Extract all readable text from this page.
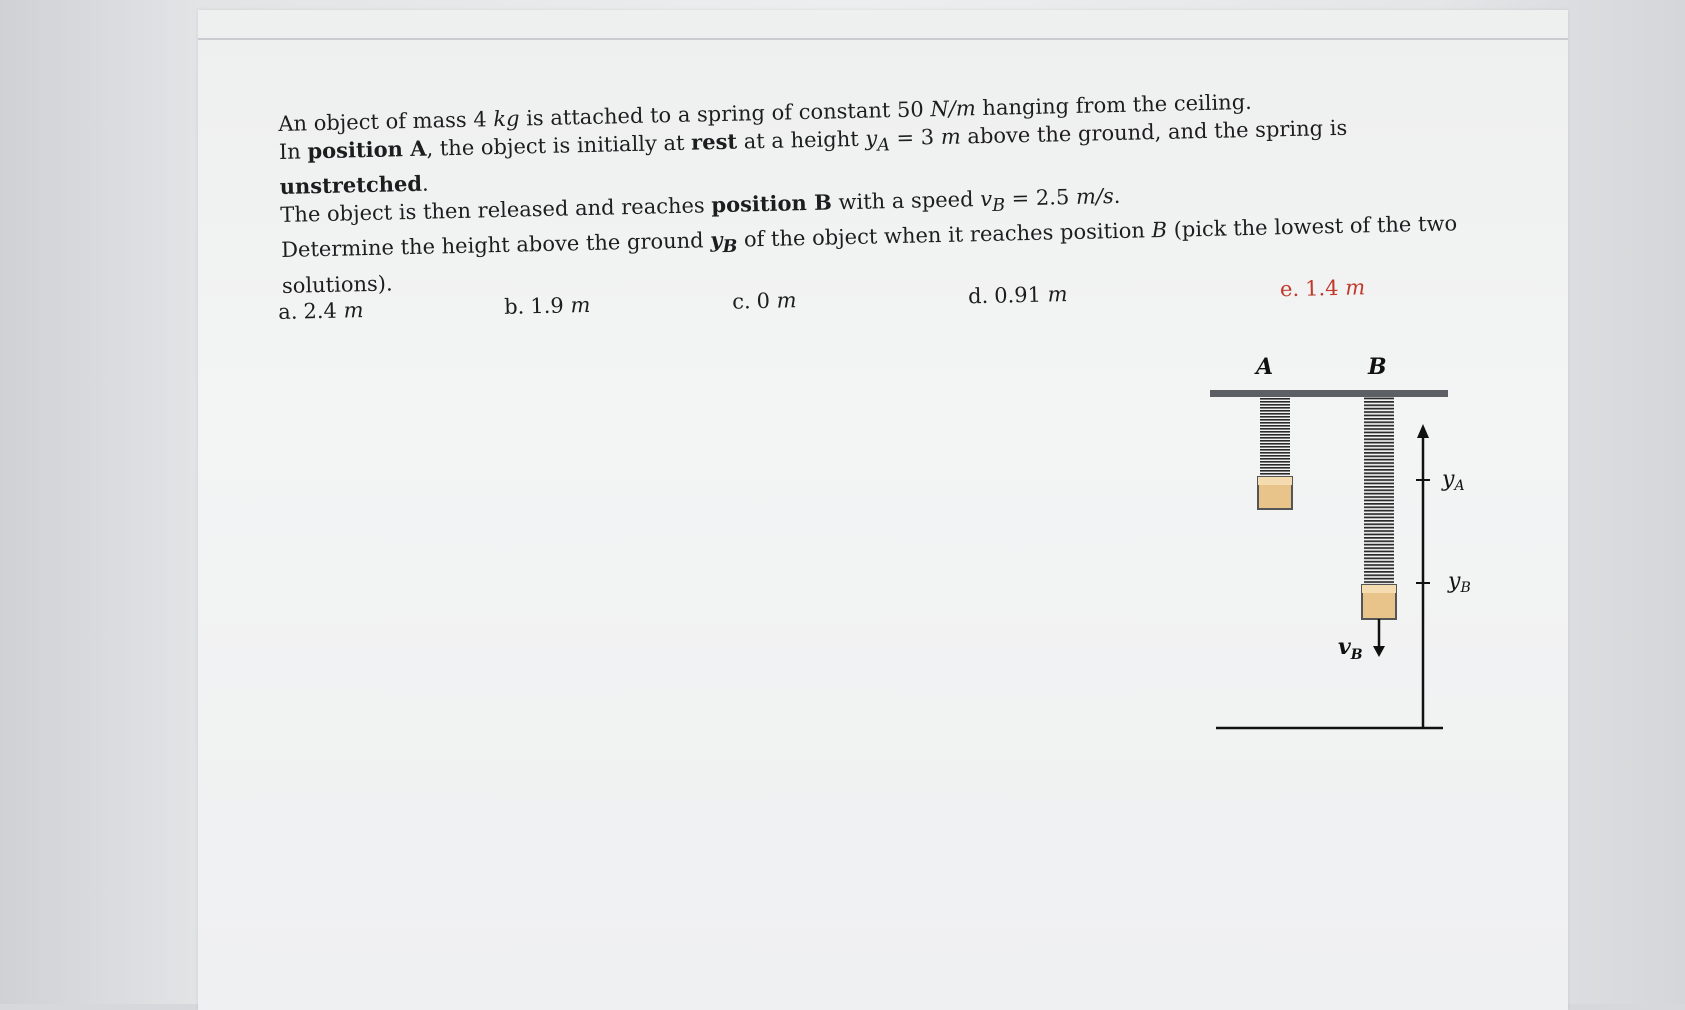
An object of mass 4 kg is attached to a spring of constant 50 N/m hanging from the ceiling.

In position A, the object is initially at rest at a height $y_A = 3$ m above the ground, and the spring is unstretched.

The object is then released and reaches position B with a speed $v_B = 2.5$ m/s.

Determine the height above the ground $y_B$ of the object when it reaches position B (pick the lowest of the two

solutions).

a. 2.4 m	b. 1.9 m	c. 0 m	d. 0.91 m	e. 1.4 m
A	B
$v_B$
yA
yB
